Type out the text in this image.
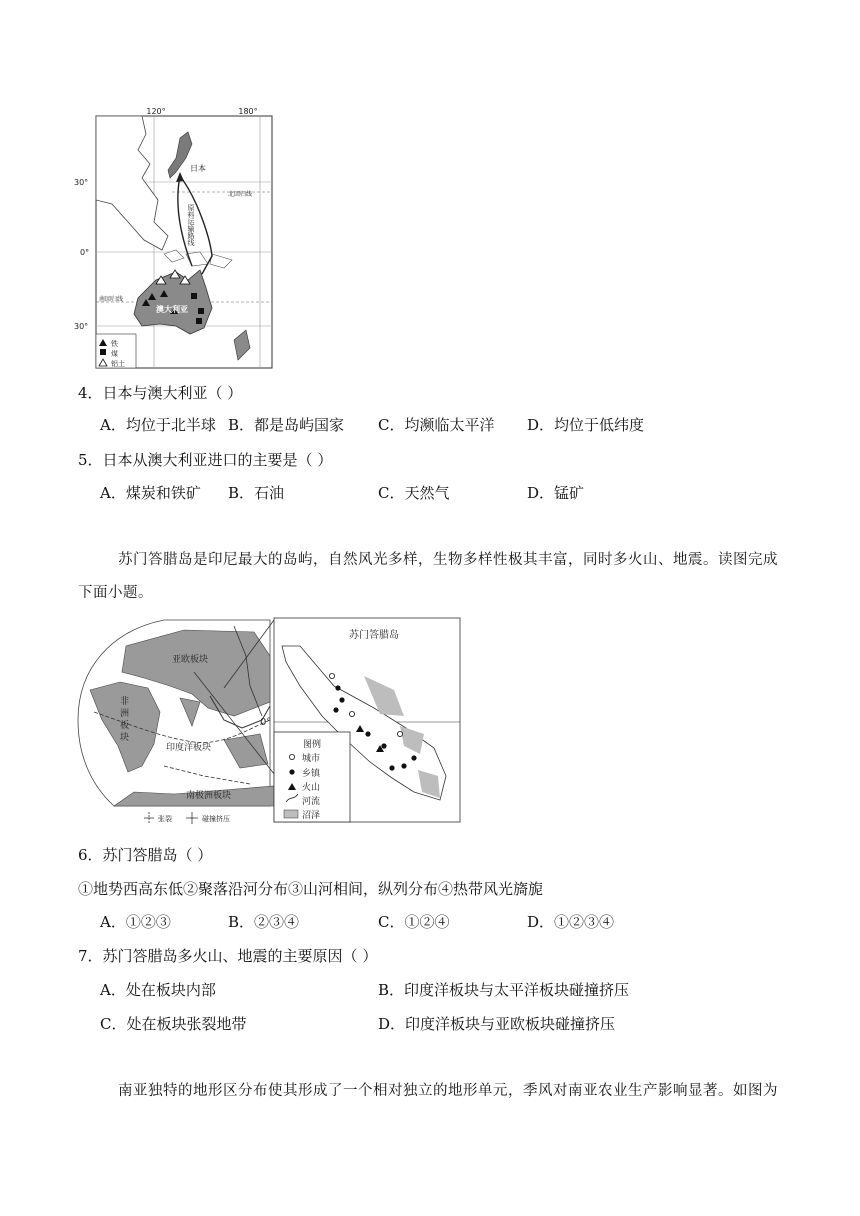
120°	180°
30°
0°
30°
日本
北回归线
南回归线
原料运输路线
澳大利亚
铁
煤
铝土
4．日本与澳大利亚（ ）
A．均位于北半球 B．都是岛屿国家 C．均濒临太平洋 D．均位于低纬度
5．日本从澳大利亚进口的主要是（ ）
A．煤炭和铁矿 B．石油	C．天然气	D．锰矿
苏门答腊岛是印尼最大的岛屿，自然风光多样，生物多样性极其丰富，同时多火山、地震。读图完成
下面小题。
亚欧板块
非
洲
板
块
印度洋板块
南极洲板块
张裂	碰撞挤压
苏门答腊岛
0°
图例
城市
乡镇
火山
河流
沼泽
6．苏门答腊岛（ ）
①地势西高东低②聚落沿河分布③山河相间，纵列分布④热带风光旖旎
A．①②③	B．②③④	C．①②④	D．①②③④
7．苏门答腊岛多火山、地震的主要原因（ ）
A．处在板块内部	B．印度洋板块与太平洋板块碰撞挤压
C．处在板块张裂地带	D．印度洋板块与亚欧板块碰撞挤压
南亚独特的地形区分布使其形成了一个相对独立的地形单元，季风对南亚农业生产影响显著。如图为
